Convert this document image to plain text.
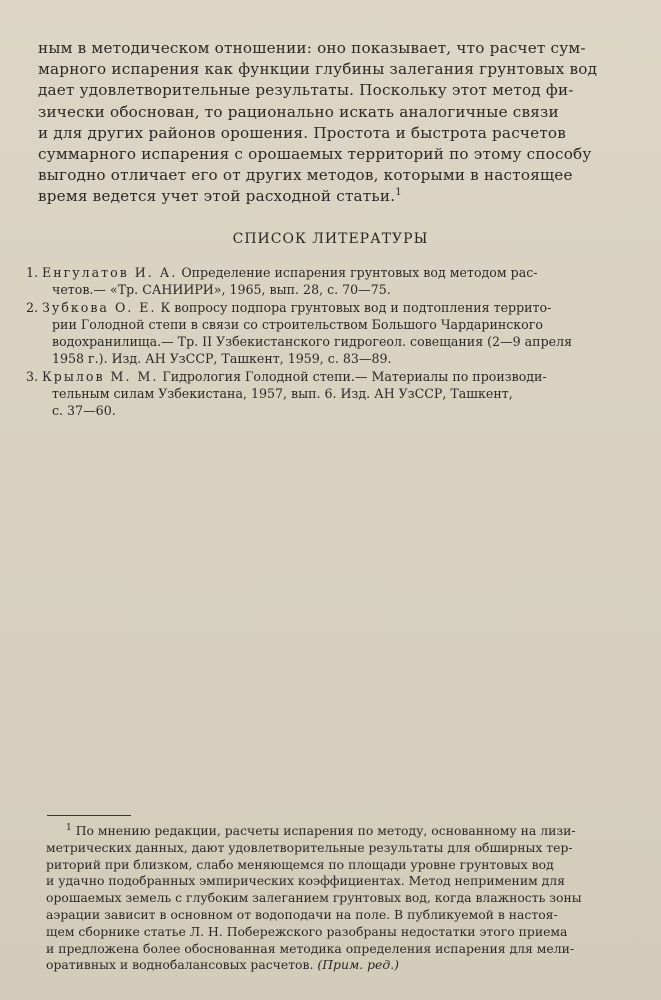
ным в методическом отношении: оно показывает, что расчет сум-
марного испарения как функции глубины залегания грунтовых вод
дает удовлетворительные результаты. Поскольку этот метод фи-
зически обоснован, то рационально искать аналогичные связи
и для других районов орошения. Простота и быстрота расчетов
суммарного испарения с орошаемых территорий по этому способу
выгодно отличает его от других методов, которыми в настоящее
время ведется учет этой расходной статьи.$^1$
СПИСОК ЛИТЕРАТУРЫ
1. Енгулатов И. А. Определение испарения грунтовых вод методом рас-
четов.— «Тр. САНИИРИ», 1965, вып. 28, с. 70—75.
2. Зубкова О. Е. К вопросу подпора грунтовых вод и подтопления террито-
рии Голодной степи в связи со строительством Большого Чардаринского
водохранилища.— Тр. II Узбекистанского гидрогеол. совещания (2—9 апреля
1958 г.). Изд. АН УзССР, Ташкент, 1959, с. 83—89.
3. Крылов М. М. Гидрология Голодной степи.— Материалы по производи-
тельным силам Узбекистана, 1957, вып. 6. Изд. АН УзССР, Ташкент,
с. 37—60.
$^1$ По мнению редакции, расчеты испарения по методу, основанному на лизи-
метрических данных, дают удовлетворительные результаты для обширных тер-
риторий при близком, слабо меняющемся по площади уровне грунтовых вод
и удачно подобранных эмпирических коэффициентах. Метод неприменим для
орошаемых земель с глубоким залеганием грунтовых вод, когда влажность зоны
аэрации зависит в основном от водоподачи на поле. В публикуемой в настоя-
щем сборнике статье Л. Н. Побережского разобраны недостатки этого приема
и предложена более обоснованная методика определения испарения для мели-
оративных и воднобалансовых расчетов. (Прим. ред.)
